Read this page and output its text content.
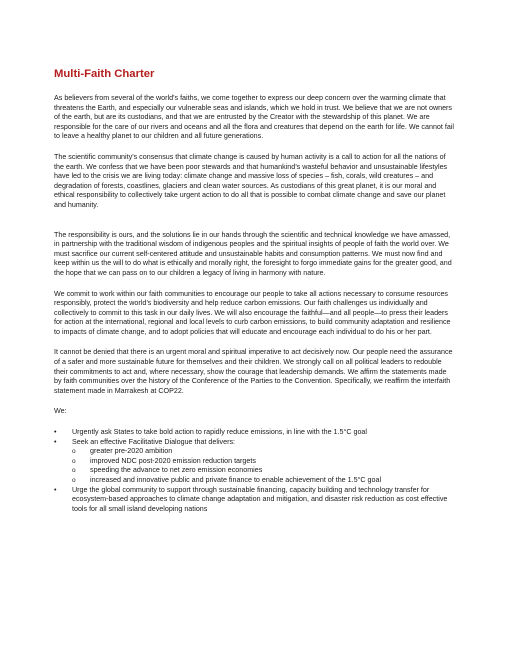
Multi-Faith Charter

As believers from several of the world’s faiths, we come together to express our deep concern over the warming climate that threatens the Earth, and especially our vulnerable seas and islands, which we hold in trust. We believe that we are not owners of the earth, but are its custodians, and that we are entrusted by the Creator with the stewardship of this planet. We are responsible for the care of our rivers and oceans and all the flora and creatures that depend on the earth for life. We cannot fail to leave a healthy planet to our children and all future generations.

The scientific community’s consensus that climate change is caused by human activity is a call to action for all the nations of the earth. We confess that we have been poor stewards and that humankind’s wasteful behavior and unsustainable lifestyles have led to the crisis we are living today: climate change and massive loss of species – fish, corals, wild creatures – and degradation of forests, coastlines, glaciers and clean water sources. As custodians of this great planet, it is our moral and ethical responsibility to collectively take urgent action to do all that is possible to combat climate change and save our planet and humanity.

The responsibility is ours, and the solutions lie in our hands through the scientific and technical knowledge we have amassed, in partnership with the traditional wisdom of indigenous peoples and the spiritual insights of people of faith the world over. We must sacrifice our current self-centered attitude and unsustainable habits and consumption patterns. We must now find and keep within us the will to do what is ethically and morally right, the foresight to forgo immediate gains for the greater good, and the hope that we can pass on to our children a legacy of living in harmony with nature.

We commit to work within our faith communities to encourage our people to take all actions necessary to consume resources responsibly, protect the world’s biodiversity and help reduce carbon emissions. Our faith challenges us individually and collectively to commit to this task in our daily lives. We will also encourage the faithful—and all people—to press their leaders for action at the international, regional and local levels to curb carbon emissions, to build community adaptation and resilience to impacts of climate change, and to adopt policies that will educate and encourage each individual to do his or her part.

It cannot be denied that there is an urgent moral and spiritual imperative to act decisively now. Our people need the assurance of a safer and more sustainable future for themselves and their children. We strongly call on all political leaders to redouble their commitments to act and, where necessary, show the courage that leadership demands. We affirm the statements made by faith communities over the history of the Conference of the Parties to the Convention. Specifically, we reaffirm the interfaith statement made in Marrakesh at COP22.

We:

• Urgently ask States to take bold action to rapidly reduce emissions, in line with the 1.5°C goal
• Seek an effective Facilitative Dialogue that delivers:
o greater pre-2020 ambition
o improved NDC post-2020 emission reduction targets
o speeding the advance to net zero emission economies
o increased and innovative public and private finance to enable achievement of the 1.5°C goal
• Urge the global community to support through sustainable financing, capacity building and technology transfer for ecosystem-based approaches to climate change adaptation and mitigation, and disaster risk reduction as cost effective tools for all small island developing nations
